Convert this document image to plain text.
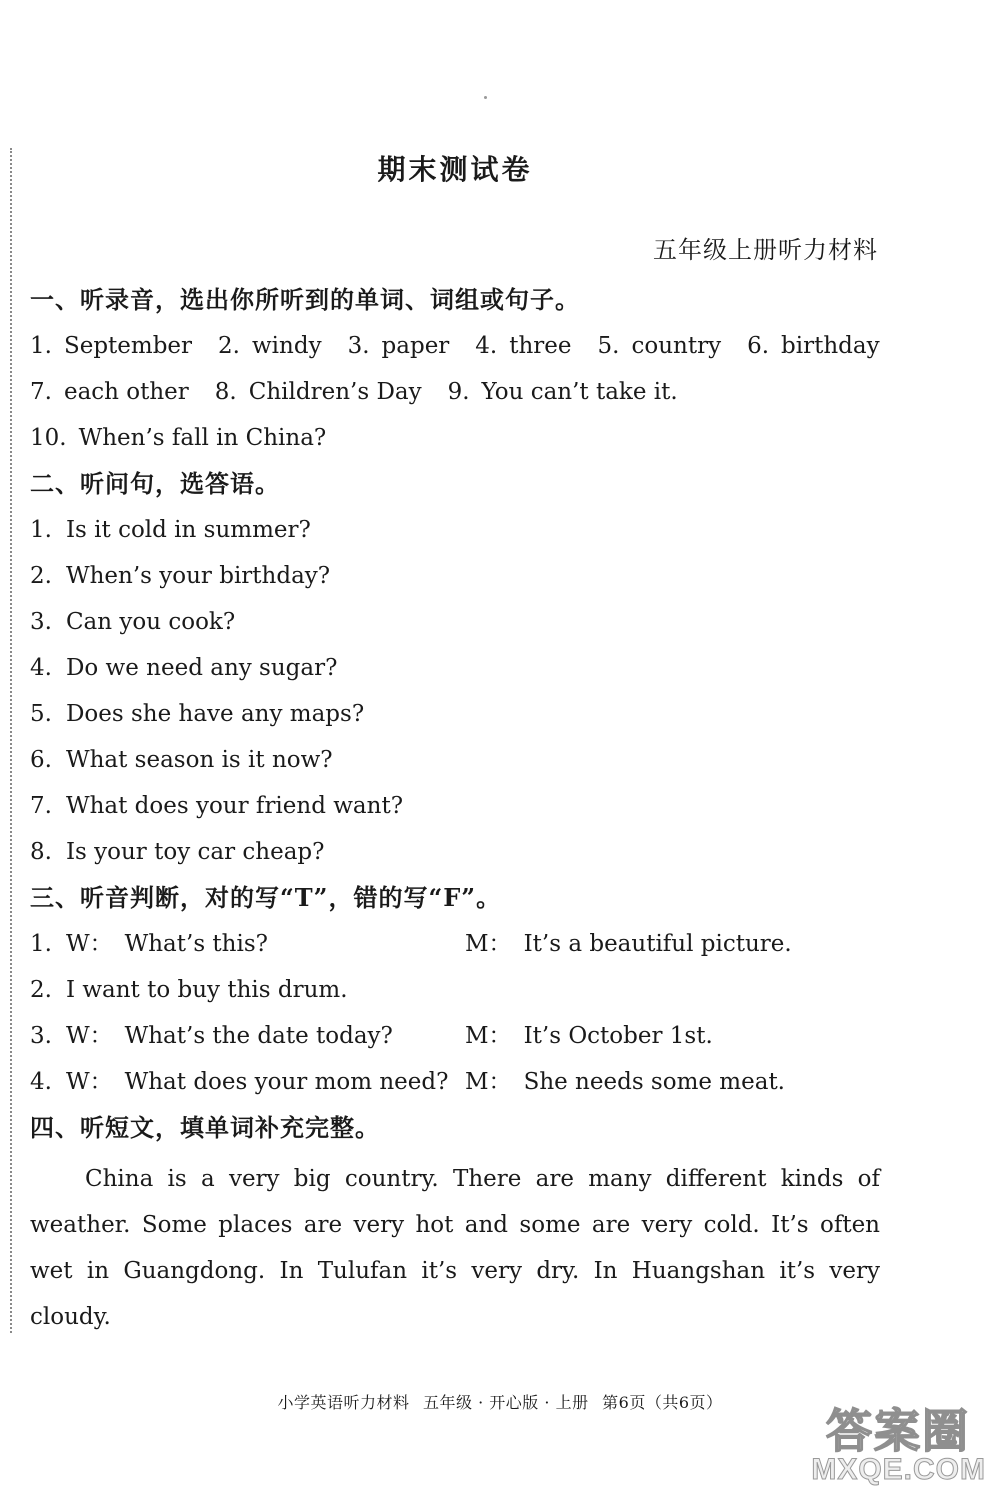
期末测试卷
五年级上册听力材料
一、听录音，选出你所听到的单词、词组或句子。
1. September 2. windy 3. paper 4. three 5. country 6. birthday
7. each other 8. Children’s Day 9. You can’t take it.
10. When’s fall in China?
二、听问句，选答语。
1. Is it cold in summer?
2. When’s your birthday?
3. Can you cook?
4. Do we need any sugar?
5. Does she have any maps?
6. What season is it now?
7. What does your friend want?
8. Is your toy car cheap?
三、听音判断，对的写“T”，错的写“F”。
1. W： What’s this?	M： It’s a beautiful picture.
2. I want to buy this drum.
3. W： What’s the date today?	M： It’s October 1st.
4. W： What does your mom need? M： She needs some meat.
四、听短文，填单词补充完整。
China is a very big country. There are many different kinds of weather. Some places are very hot and some are very cold. It’s often wet in Guangdong. In Tulufan it’s very dry. In Huangshan it’s very cloudy.
小学英语听力材料 五年级 · 开心版 · 上册 第6页（共6页）
答案圈
MXQE.COM
